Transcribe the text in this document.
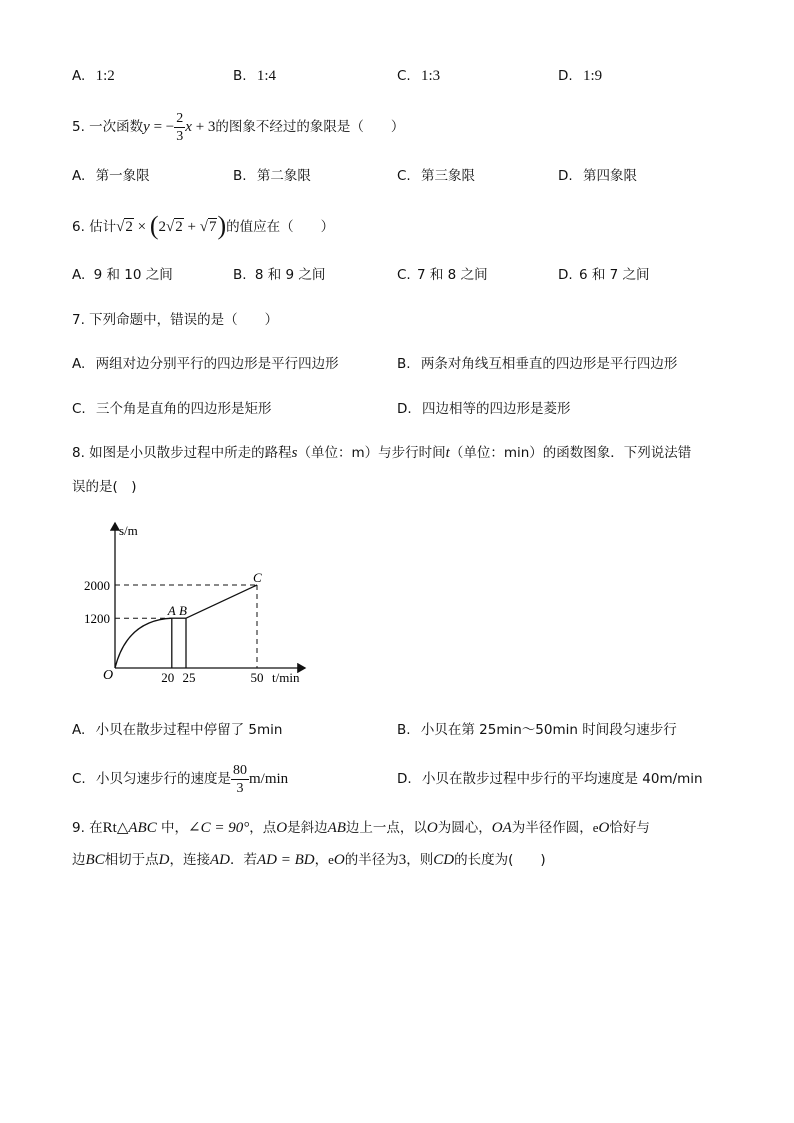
A. 1:2	B. 1:4	C. 1:3	D. 1:9
5. 一次函数y = − $\frac{2}{3}$ x + 3的图象不经过的象限是（　　）
A. 第一象限	B. 第二象限	C. 第三象限	D. 第四象限
6. 估计√2 × (2√2 + √7)的值应在（　　）
A. 9 和 10 之间	B. 8 和 9 之间	C. 7 和 8 之间	D. 6 和 7 之间
7. 下列命题中，错误的是（　　）
A. 两组对边分别平行的四边形是平行四边形	B. 两条对角线互相垂直的四边形是平行四边形
C. 三个角是直角的四边形是矩形	D. 四边相等的四边形是菱形
8. 如图是小贝散步过程中所走的路程s（单位：m）与步行时间t（单位：min）的函数图象．下列说法错
误的是(　)
1200
2000
20 25	50
O
s/m
t/min
A B
C
A. 小贝在散步过程中停留了 5min	B. 小贝在第 25min～50min 时间段匀速步行
C. 小贝匀速步行的速度是 $\frac{80}{3} m/\min$	D. 小贝在散步过程中步行的平均速度是 40m/min
9. 在Rt△ABC 中，∠C = 90°，点O是斜边AB边上一点，以O为圆心，OA为半径作圆，eO恰好与
边BC相切于点D，连接AD．若AD = BD，eO的半径为3，则CD的长度为(　　)
